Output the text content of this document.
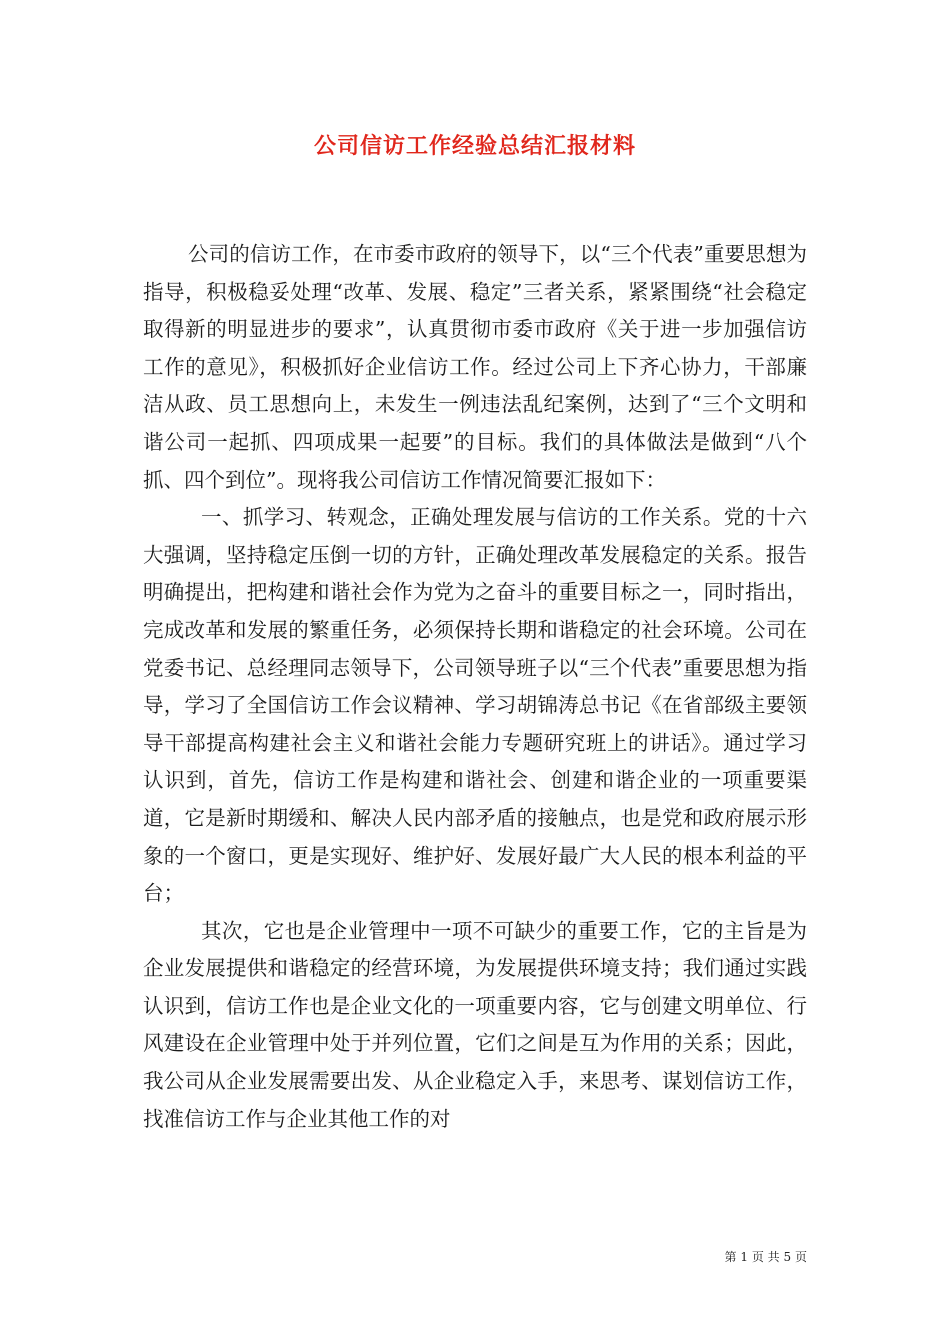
公司信访工作经验总结汇报材料

公司的信访工作，在市委市政府的领导下，以“三个代表”重要思想为指导，积极稳妥处理“改革、发展、稳定”三者关系，紧紧围绕“社会稳定取得新的明显进步的要求”，认真贯彻市委市政府《关于进一步加强信访工作的意见》，积极抓好企业信访工作。经过公司上下齐心协力，干部廉洁从政、员工思想向上，未发生一例违法乱纪案例，达到了“三个文明和谐公司一起抓、四项成果一起要”的目标。我们的具体做法是做到“八个抓、四个到位”。现将我公司信访工作情况简要汇报如下：

一、抓学习、转观念，正确处理发展与信访的工作关系。党的十六大强调，坚持稳定压倒一切的方针，正确处理改革发展稳定的关系。报告明确提出，把构建和谐社会作为党为之奋斗的重要目标之一，同时指出，完成改革和发展的繁重任务，必须保持长期和谐稳定的社会环境。公司在党委书记、总经理同志领导下，公司领导班子以“三个代表”重要思想为指导，学习了全国信访工作会议精神、学习胡锦涛总书记《在省部级主要领导干部提高构建社会主义和谐社会能力专题研究班上的讲话》。通过学习认识到，首先，信访工作是构建和谐社会、创建和谐企业的一项重要渠道，它是新时期缓和、解决人民内部矛盾的接触点，也是党和政府展示形象的一个窗口，更是实现好、维护好、发展好最广大人民的根本利益的平台；

其次，它也是企业管理中一项不可缺少的重要工作，它的主旨是为企业发展提供和谐稳定的经营环境，为发展提供环境支持；我们通过实践认识到，信访工作也是企业文化的一项重要内容，它与创建文明单位、行风建设在企业管理中处于并列位置，它们之间是互为作用的关系；因此，我公司从企业发展需要出发、从企业稳定入手，来思考、谋划信访工作，找准信访工作与企业其他工作的对

第 1 页 共 5 页
